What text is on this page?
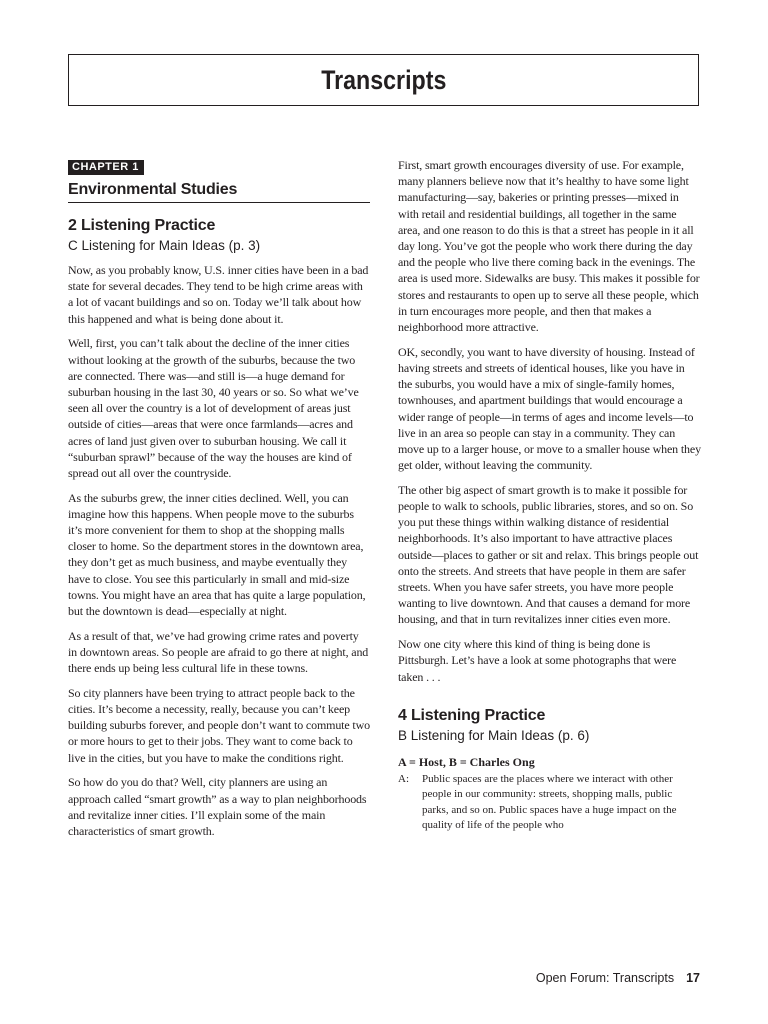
Transcripts
CHAPTER 1
Environmental Studies
2 Listening Practice
C Listening for Main Ideas (p. 3)

Now, as you probably know, U.S. inner cities have been in a bad state for several decades. They tend to be high crime areas with a lot of vacant buildings and so on. Today we’ll talk about how this happened and what is being done about it.

Well, first, you can’t talk about the decline of the inner cities without looking at the growth of the suburbs, because the two are connected. There was—and still is—a huge demand for suburban housing in the last 30, 40 years or so. So what we’ve seen all over the country is a lot of development of areas just outside of cities—areas that were once farmlands—acres and acres of land just given over to suburban housing. We call it “suburban sprawl” because of the way the houses are kind of spread out all over the countryside.

As the suburbs grew, the inner cities declined. Well, you can imagine how this happens. When people move to the suburbs it’s more convenient for them to shop at the shopping malls closer to home. So the department stores in the downtown area, they don’t get as much business, and maybe eventually they have to close. You see this particularly in small and mid-size towns. You might have an area that has quite a large population, but the downtown is dead—especially at night.

As a result of that, we’ve had growing crime rates and poverty in downtown areas. So people are afraid to go there at night, and there ends up being less cultural life in these towns.

So city planners have been trying to attract people back to the cities. It’s become a necessity, really, because you can’t keep building suburbs forever, and people don’t want to commute two or more hours to get to their jobs. They want to come back to live in the cities, but you have to make the conditions right.

So how do you do that? Well, city planners are using an approach called “smart growth” as a way to plan neighborhoods and revitalize inner cities. I’ll explain some of the main characteristics of smart growth.

First, smart growth encourages diversity of use. For example, many planners believe now that it’s healthy to have some light manufacturing—say, bakeries or printing presses—mixed in with retail and residential buildings, all together in the same area, and one reason to do this is that a street has people in it all day long. You’ve got the people who work there during the day and the people who live there coming back in the evenings. The area is used more. Sidewalks are busy. This makes it possible for stores and restaurants to open up to serve all these people, which in turn encourages more people, and then that makes a neighborhood more attractive.

OK, secondly, you want to have diversity of housing. Instead of having streets and streets of identical houses, like you have in the suburbs, you would have a mix of single-family homes, townhouses, and apartment buildings that would encourage a wider range of people—in terms of ages and income levels—to live in an area so people can stay in a community. They can move up to a larger house, or move to a smaller house when they get older, without leaving the community.

The other big aspect of smart growth is to make it possible for people to walk to schools, public libraries, stores, and so on. So you put these things within walking distance of residential neighborhoods. It’s also important to have attractive places outside—places to gather or sit and relax. This brings people out onto the streets. And streets that have people in them are safer streets. When you have safer streets, you have more people wanting to live downtown. And that causes a demand for more housing, and that in turn revitalizes inner cities even more.

Now one city where this kind of thing is being done is Pittsburgh. Let’s have a look at some photographs that were taken . . .

4 Listening Practice
B Listening for Main Ideas (p. 6)
A = Host, B = Charles Ong
A:	Public spaces are the places where we interact with other people in our community: streets, shopping malls, public parks, and so on. Public spaces have a huge impact on the quality of life of the people who
Open Forum: Transcripts 17
